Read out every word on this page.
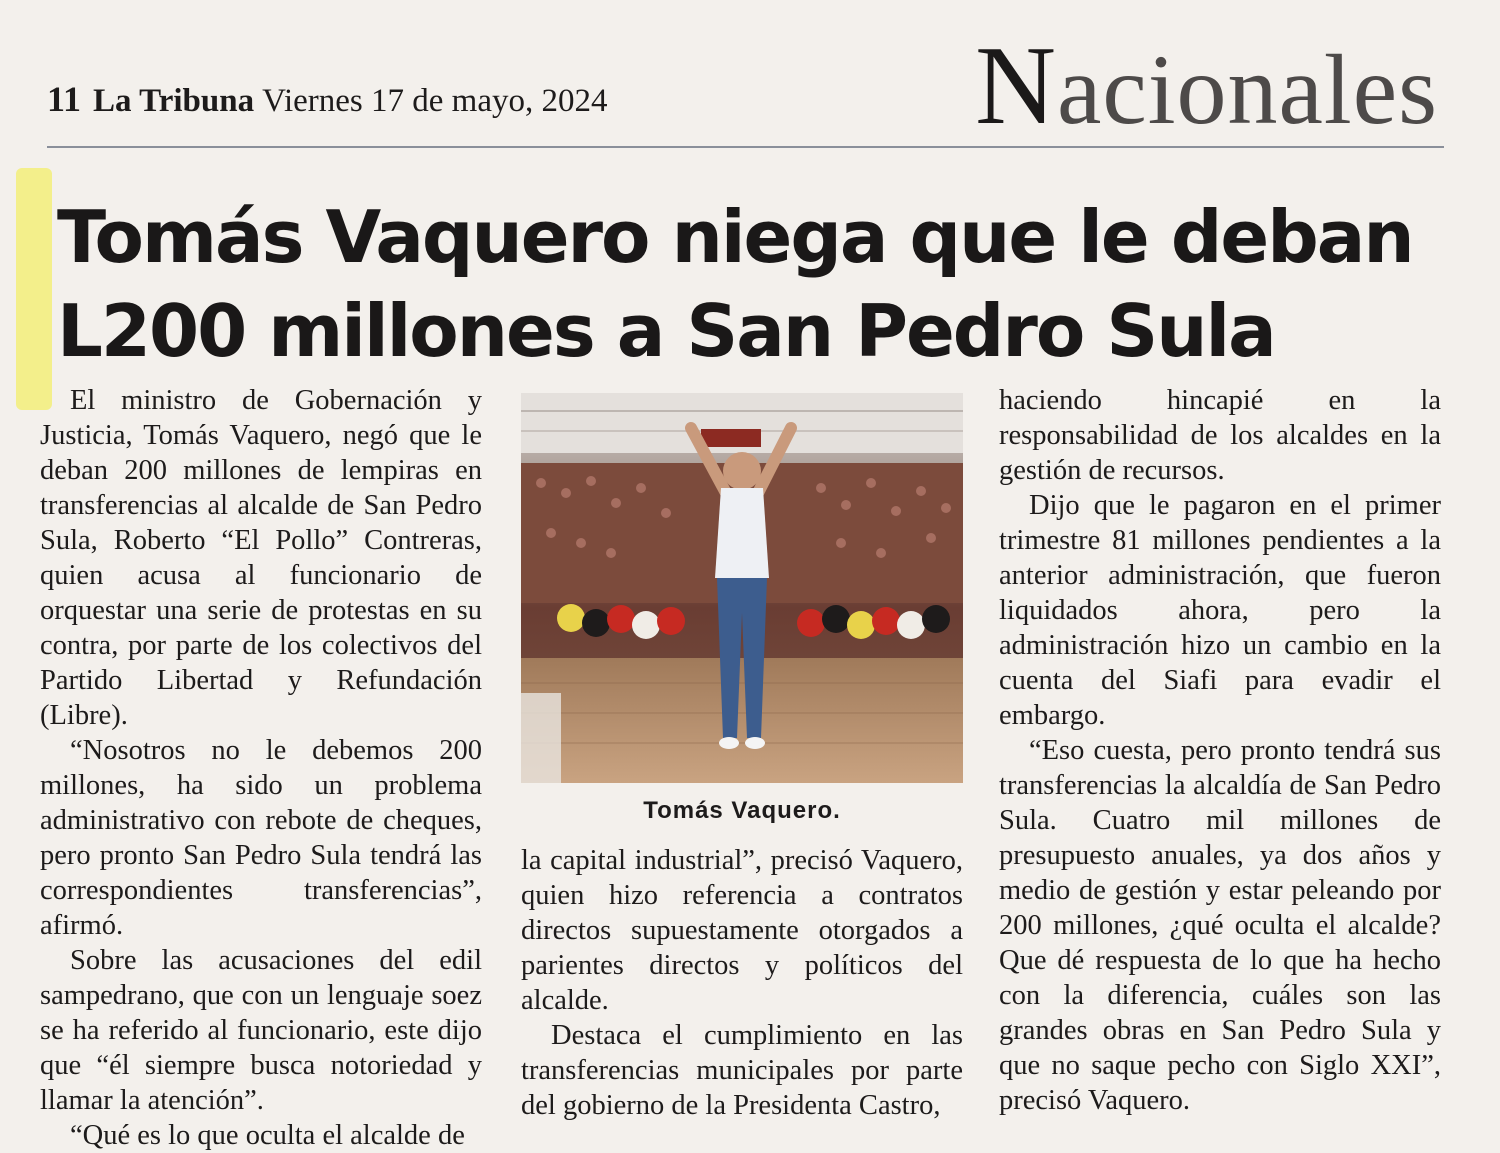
11 La Tribuna Viernes 17 de mayo, 2024	Nacionales
Tomás Vaquero niega que le deban
L200 millones a San Pedro Sula

El ministro de Gobernación y Justicia, Tomás Vaquero, negó que le deban 200 millones de lempiras en transferencias al alcalde de San Pedro Sula, Roberto “El Pollo” Contreras, quien acusa al funcionario de orquestar una serie de protestas en su contra, por parte de los colectivos del Partido Libertad y Refundación (Libre).

“Nosotros no le debemos 200 millones, ha sido un problema administrativo con rebote de cheques, pero pronto San Pedro Sula tendrá las correspondientes transferencias”, afirmó.

Sobre las acusaciones del edil sampedrano, que con un lenguaje soez se ha referido al funcionario, este dijo que “él siempre busca notoriedad y llamar la atención”.

“Qué es lo que oculta el alcalde de

Tomás Vaquero.

la capital industrial”, precisó Vaquero, quien hizo referencia a contratos directos supuestamente otorgados a parientes directos y políticos del alcalde.

Destaca el cumplimiento en las transferencias municipales por parte del gobierno de la Presidenta Castro,

haciendo hincapié en la responsabilidad de los alcaldes en la gestión de recursos.

Dijo que le pagaron en el primer trimestre 81 millones pendientes a la anterior administración, que fueron liquidados ahora, pero la administración hizo un cambio en la cuenta del Siafi para evadir el embargo.

“Eso cuesta, pero pronto tendrá sus transferencias la alcaldía de San Pedro Sula. Cuatro mil millones de presupuesto anuales, ya dos años y medio de gestión y estar peleando por 200 millones, ¿qué oculta el alcalde? Que dé respuesta de lo que ha hecho con la diferencia, cuáles son las grandes obras en San Pedro Sula y que no saque pecho con Siglo XXI”, precisó Vaquero.
